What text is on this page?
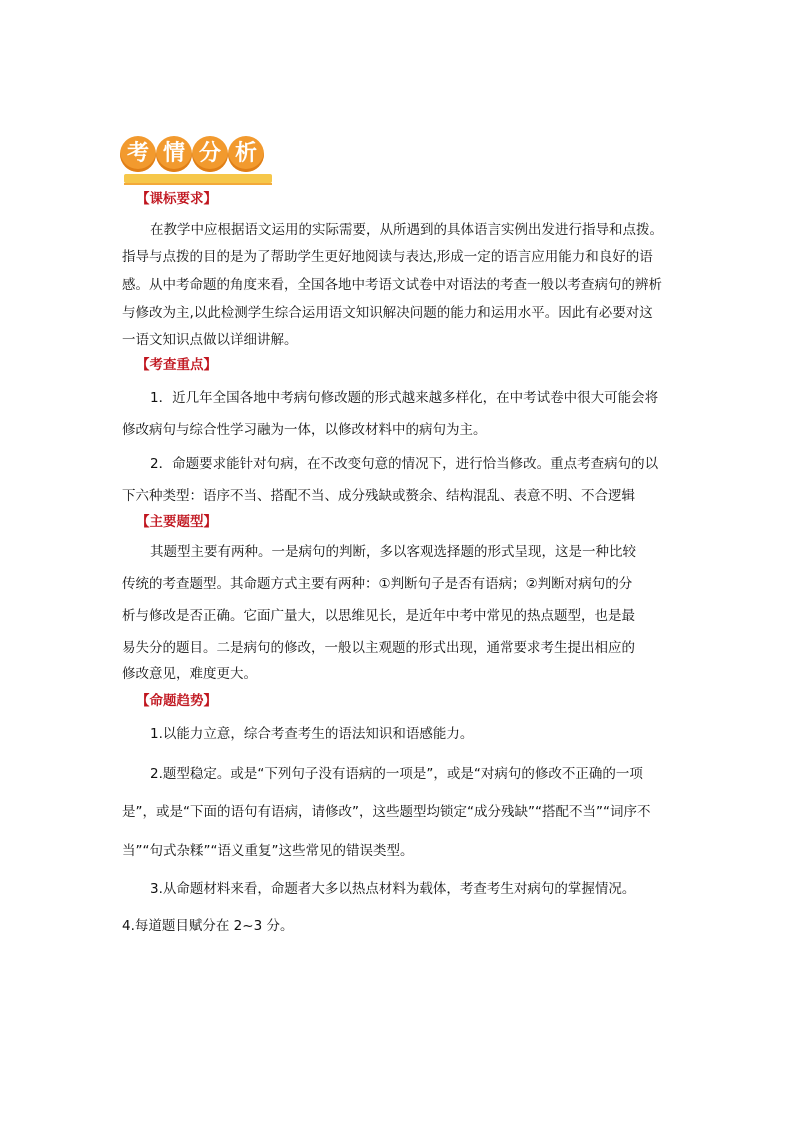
考 情 分 析
【课标要求】
在教学中应根据语文运用的实际需要，从所遇到的具体语言实例出发进行指导和点拨。
指导与点拨的目的是为了帮助学生更好地阅读与表达,形成一定的语言应用能力和良好的语
感。从中考命题的角度来看，全国各地中考语文试卷中对语法的考查一般以考查病句的辨析
与修改为主,以此检测学生综合运用语文知识解决问题的能力和运用水平。因此有必要对这
一语文知识点做以详细讲解。
【考查重点】
1．近几年全国各地中考病句修改题的形式越来越多样化，在中考试卷中很大可能会将
修改病句与综合性学习融为一体，以修改材料中的病句为主。
2．命题要求能针对句病，在不改变句意的情况下，进行恰当修改。重点考查病句的以
下六种类型：语序不当、搭配不当、成分残缺或赘余、结构混乱、表意不明、不合逻辑
【主要题型】
其题型主要有两种。一是病句的判断，多以客观选择题的形式呈现，这是一种比较
传统的考查题型。其命题方式主要有两种：①判断句子是否有语病；②判断对病句的分
析与修改是否正确。它面广量大，以思维见长，是近年中考中常见的热点题型，也是最
易失分的题目。二是病句的修改，一般以主观题的形式出现，通常要求考生提出相应的
修改意见，难度更大。
【命题趋势】
1.以能力立意，综合考查考生的语法知识和语感能力。
2.题型稳定。或是“下列句子没有语病的一项是”，或是“对病句的修改不正确的一项
是”，或是“下面的语句有语病，请修改”，这些题型均锁定“成分残缺”“搭配不当”“词序不
当”“句式杂糅”“语义重复”这些常见的错误类型。
3.从命题材料来看，命题者大多以热点材料为载体，考查考生对病句的掌握情况。
4.每道题目赋分在 2~3 分。
